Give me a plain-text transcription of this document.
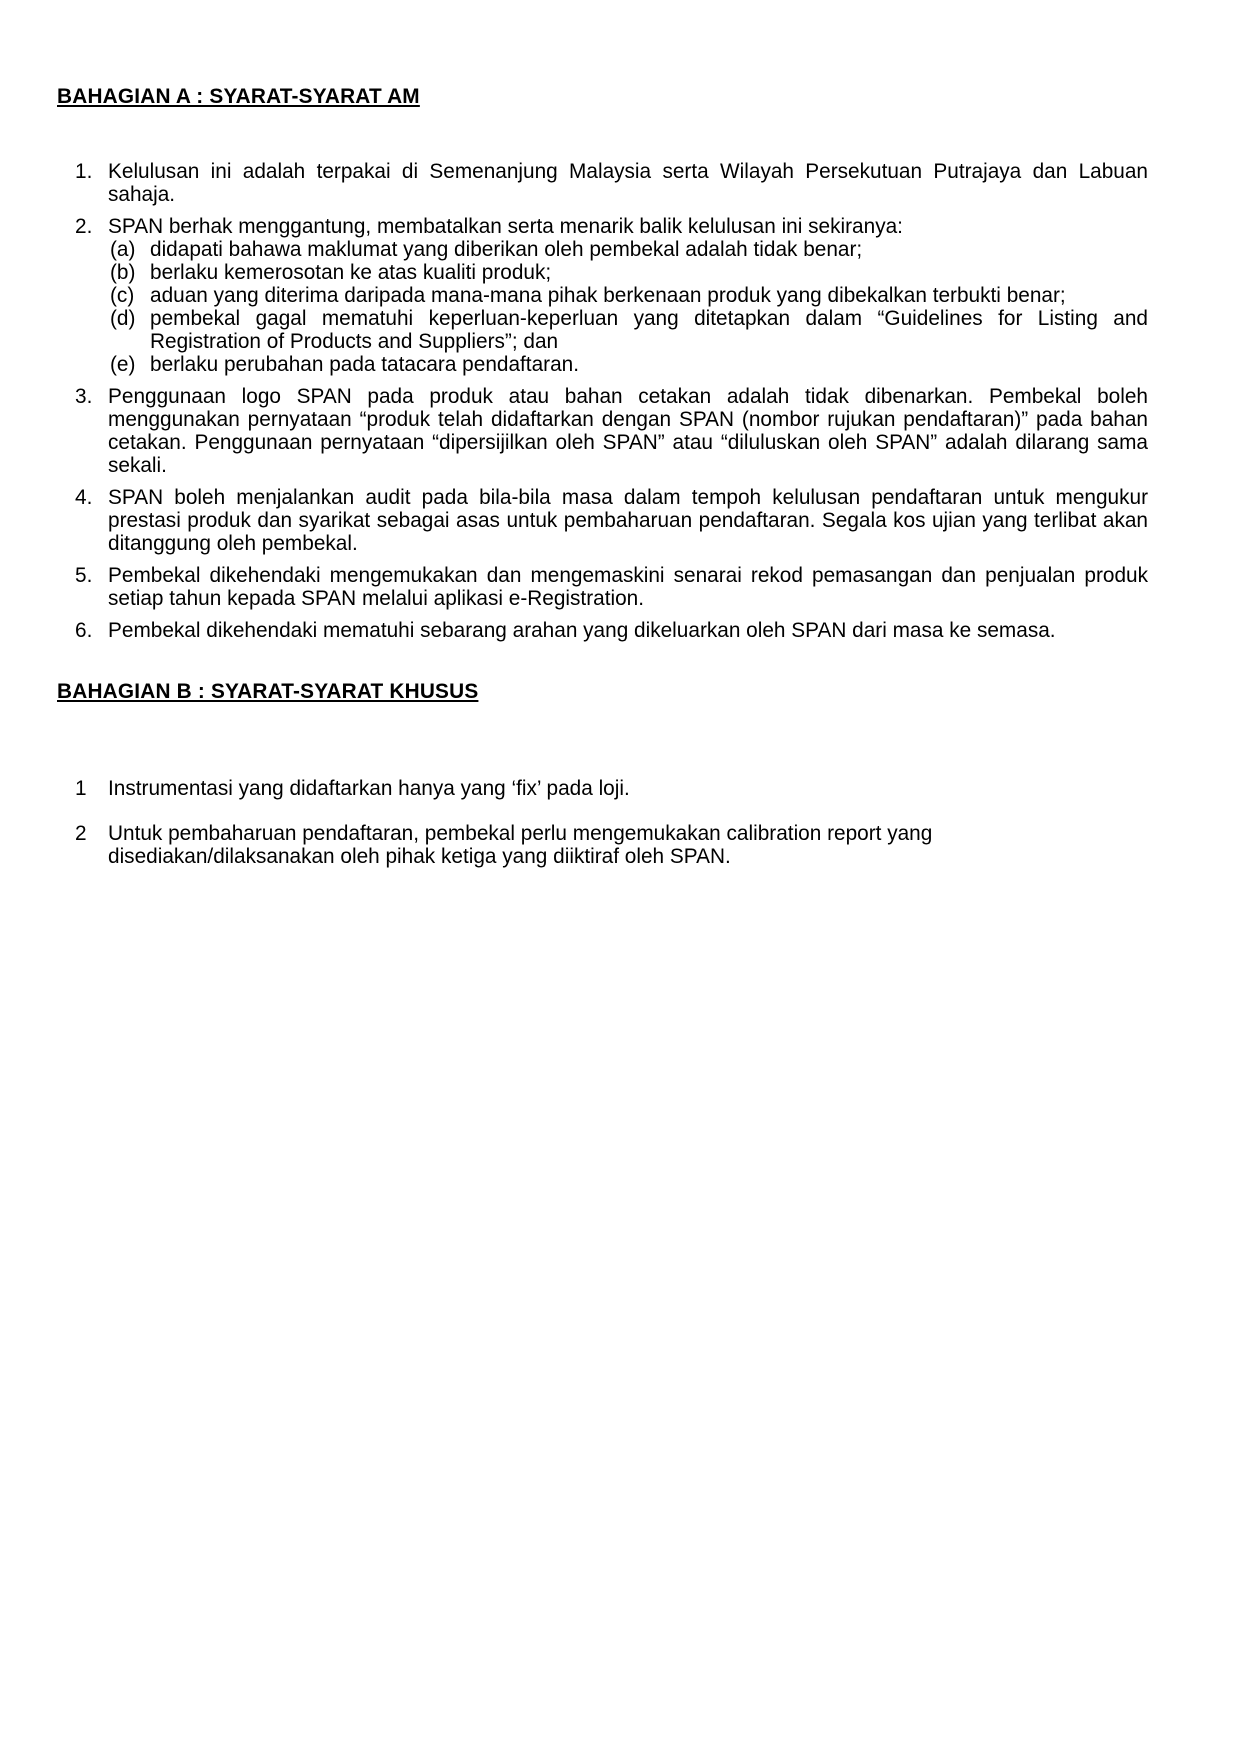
BAHAGIAN A : SYARAT-SYARAT AM
1. Kelulusan ini adalah terpakai di Semenanjung Malaysia serta Wilayah Persekutuan Putrajaya dan Labuan sahaja.
2. SPAN berhak menggantung, membatalkan serta menarik balik kelulusan ini sekiranya:
(a) didapati bahawa maklumat yang diberikan oleh pembekal adalah tidak benar;
(b) berlaku kemerosotan ke atas kualiti produk;
(c) aduan yang diterima daripada mana-mana pihak berkenaan produk yang dibekalkan terbukti benar;
(d) pembekal gagal mematuhi keperluan-keperluan yang ditetapkan dalam “Guidelines for Listing and Registration of Products and Suppliers”; dan
(e) berlaku perubahan pada tatacara pendaftaran.
3. Penggunaan logo SPAN pada produk atau bahan cetakan adalah tidak dibenarkan. Pembekal boleh menggunakan pernyataan “produk telah didaftarkan dengan SPAN (nombor rujukan pendaftaran)” pada bahan cetakan. Penggunaan pernyataan “dipersijilkan oleh SPAN” atau “diluluskan oleh SPAN” adalah dilarang sama sekali.
4. SPAN boleh menjalankan audit pada bila-bila masa dalam tempoh kelulusan pendaftaran untuk mengukur prestasi produk dan syarikat sebagai asas untuk pembaharuan pendaftaran. Segala kos ujian yang terlibat akan ditanggung oleh pembekal.
5. Pembekal dikehendaki mengemukakan dan mengemaskini senarai rekod pemasangan dan penjualan produk setiap tahun kepada SPAN melalui aplikasi e-Registration.
6. Pembekal dikehendaki mematuhi sebarang arahan yang dikeluarkan oleh SPAN dari masa ke semasa.
BAHAGIAN B : SYARAT-SYARAT KHUSUS
1	Instrumentasi yang didaftarkan hanya yang ‘fix’ pada loji.
2	Untuk pembaharuan pendaftaran, pembekal perlu mengemukakan calibration report yang disediakan/dilaksanakan oleh pihak ketiga yang diiktiraf oleh SPAN.
